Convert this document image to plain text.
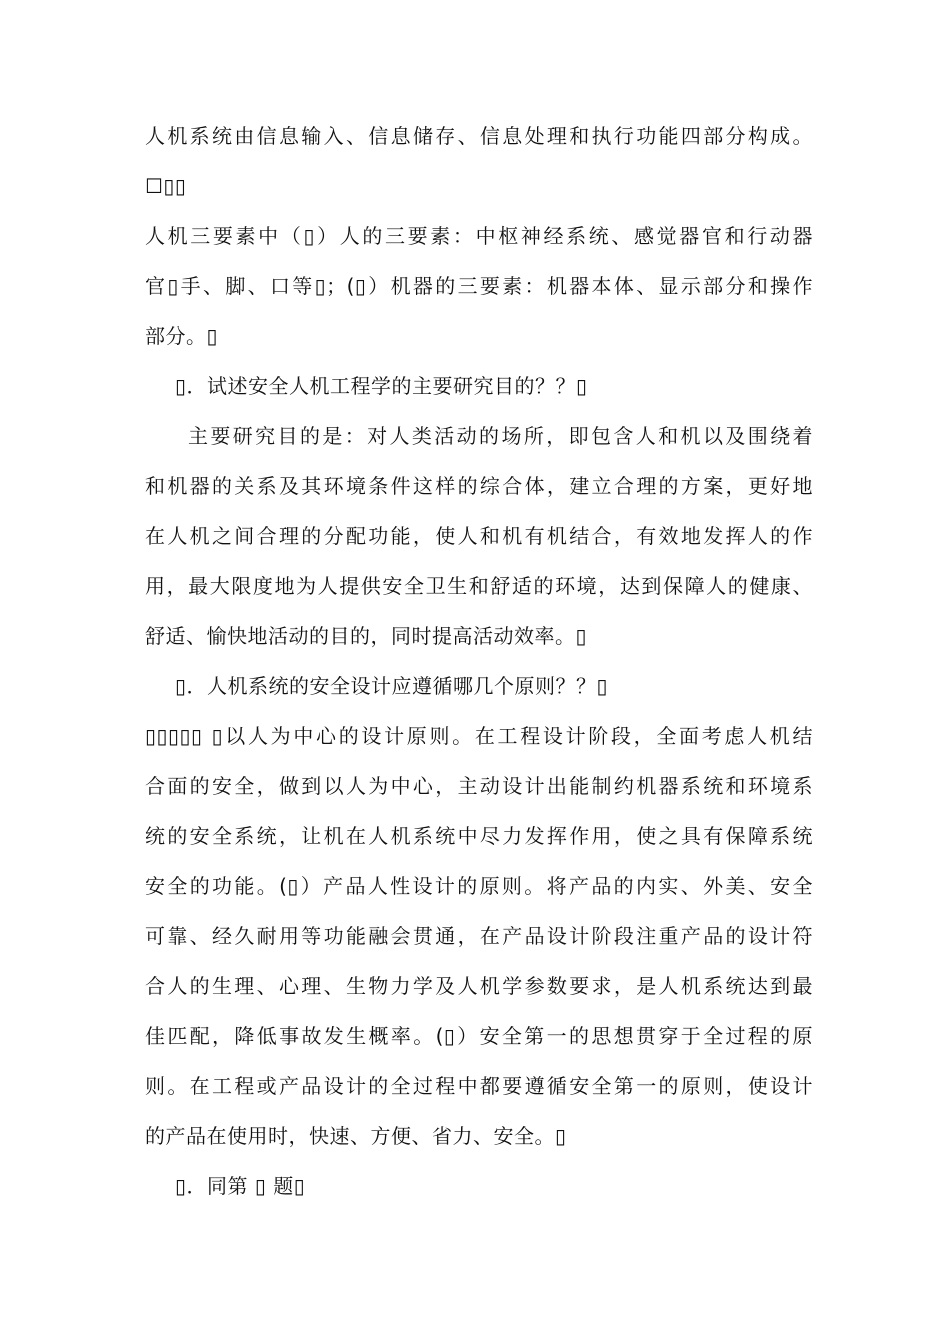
人机系统由信息输入、信息储存、信息处理和执行功能四部分构成。
☐▯▯
人机三要素中（▯）人的三要素：中枢神经系统、感觉器官和行动器
官▯手、脚、口等▯；(▯）机器的三要素：机器本体、显示部分和操作
部分。▯
▯．试述安全人机工程学的主要研究目的？？▯
主要研究目的是：对人类活动的场所，即包含人和机以及围绕着
和机器的关系及其环境条件这样的综合体，建立合理的方案，更好地
在人机之间合理的分配功能，使人和机有机结合，有效地发挥人的作
用，最大限度地为人提供安全卫生和舒适的环境，达到保障人的健康、
舒适、愉快地活动的目的，同时提高活动效率。▯
▯．人机系统的安全设计应遵循哪几个原则？？▯
▯▯▯▯▯ ▯以人为中心的设计原则。在工程设计阶段，全面考虑人机结
合面的安全，做到以人为中心，主动设计出能制约机器系统和环境系
统的安全系统，让机在人机系统中尽力发挥作用，使之具有保障系统
安全的功能。(▯）产品人性设计的原则。将产品的内实、外美、安全
可靠、经久耐用等功能融会贯通，在产品设计阶段注重产品的设计符
合人的生理、心理、生物力学及人机学参数要求，是人机系统达到最
佳匹配，降低事故发生概率。(▯）安全第一的思想贯穿于全过程的原
则。在工程或产品设计的全过程中都要遵循安全第一的原则，使设计
的产品在使用时，快速、方便、省力、安全。▯
▯．同第 ▯ 题▯
